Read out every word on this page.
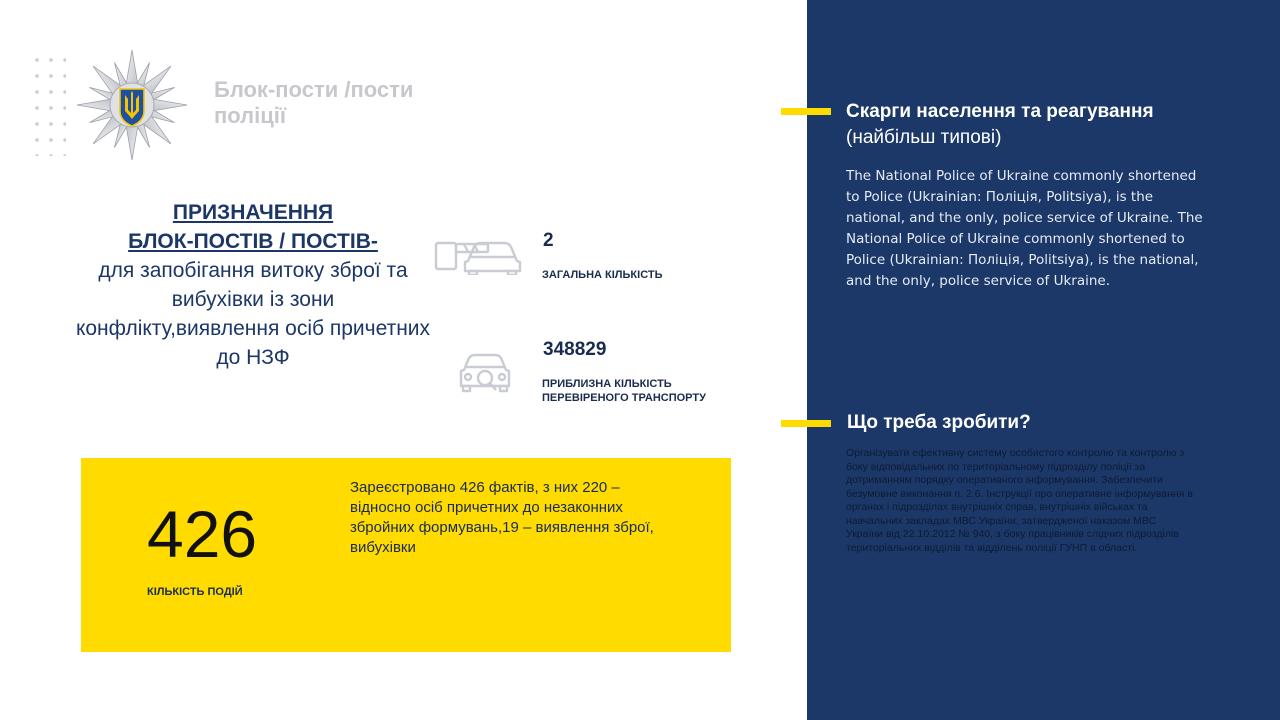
Блок-пости /пости поліції
ПРИЗНАЧЕННЯ
БЛОК-ПОСТІВ / ПОСТІВ-
для запобігання витоку зброї та вибухівки із зони конфлікту,виявлення осіб причетних до НЗФ
2
ЗАГАЛЬНА КІЛЬКІСТЬ
348829
ПРИБЛИЗНА КІЛЬКІСТЬ ПЕРЕВІРЕНОГО ТРАНСПОРТУ
426
КІЛЬКІСТЬ ПОДІЙ
Зареєстровано 426 фактів, з них 220 – відносно осіб причетних до незаконних збройних формувань,19 – виявлення зброї, вибухівки
Скарги населення та реагування (найбільш типові)
The National Police of Ukraine commonly shortened to Police (Ukrainian: Поліція, Politsiya), is the national, and the only, police service of Ukraine. The National Police of Ukraine commonly shortened to Police (Ukrainian: Поліція, Politsiya), is the national, and the only, police service of Ukraine.
Що треба зробити?
Організувати ефективну систему особистого контролю та контролю з боку відповідальних по територіальному підрозділу поліції за дотриманням порядку оперативного інформування. Забезпечити безумовне виконання п. 2.6. Інструкції про оперативне інформування в органах і підрозділах внутрішніх справ, внутрішніх військах та навчальних закладах МВС України, затвердженої наказом МВС України від 22.10.2012 № 940, з боку працівників слідчих підрозділів територіальних відділів та відділень поліції ГУНП в області.
